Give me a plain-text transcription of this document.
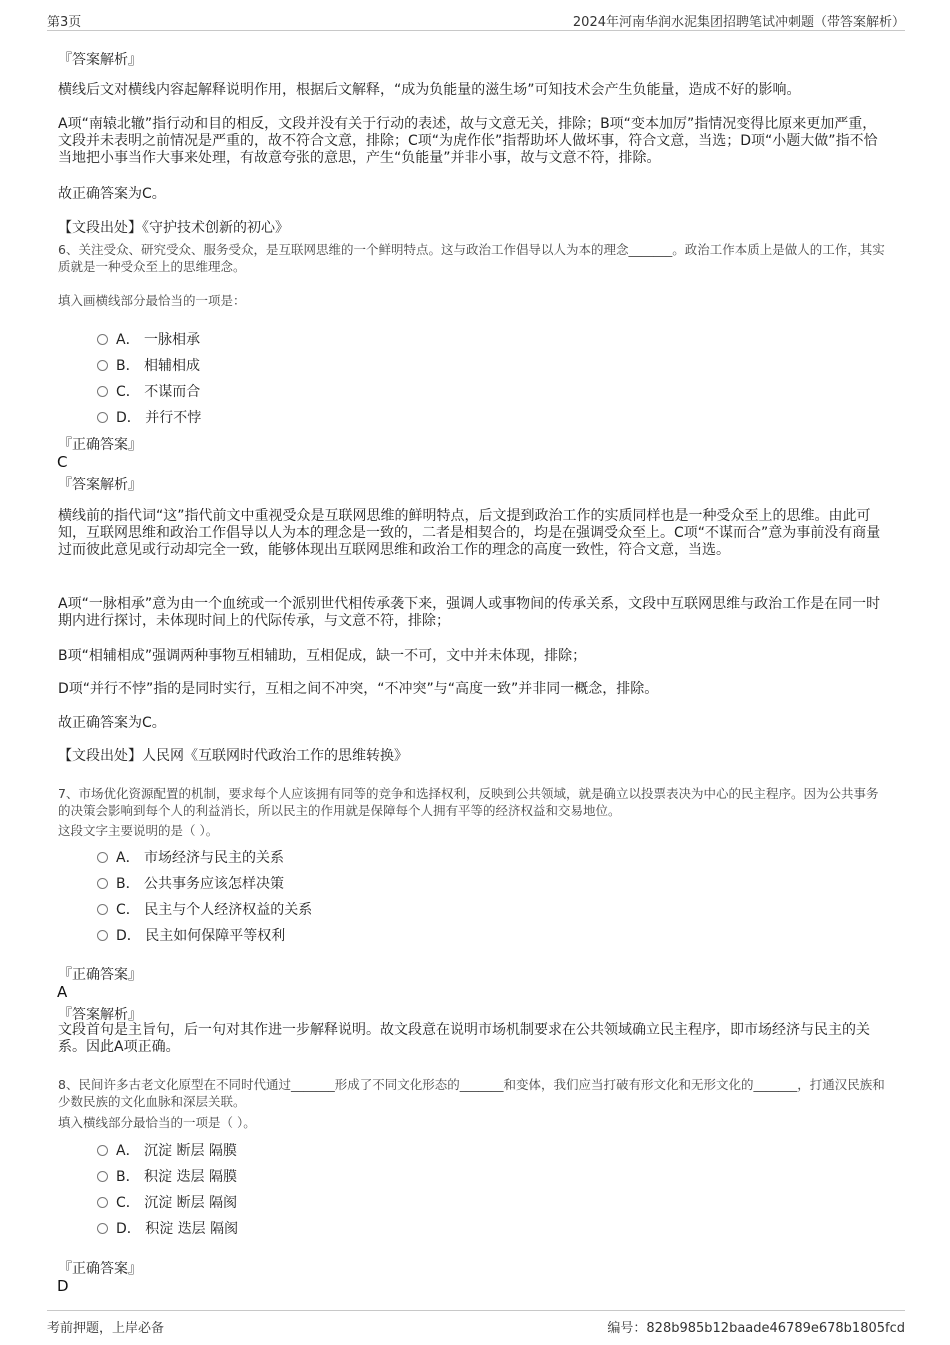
第3页	2024年河南华润水泥集团招聘笔试冲刺题（带答案解析）
『答案解析』
横线后文对横线内容起解释说明作用，根据后文解释，“成为负能量的滋生场”可知技术会产生负能量，造成不好的影响。
A项“南辕北辙”指行动和目的相反，文段并没有关于行动的表述，故与文意无关，排除；B项“变本加厉”指情况变得比原来更加严重，文段并未表明之前情况是严重的，故不符合文意，排除；C项“为虎作伥”指帮助坏人做坏事，符合文意，当选；D项“小题大做”指不恰当地把小事当作大事来处理，有故意夸张的意思，产生“负能量”并非小事，故与文意不符，排除。
故正确答案为C。
【文段出处】《守护技术创新的初心》
6、关注受众、研究受众、服务受众，是互联网思维的一个鲜明特点。这与政治工作倡导以人为本的理念_______。政治工作本质上是做人的工作，其实质就是一种受众至上的思维理念。
填入画横线部分最恰当的一项是：
A． 一脉相承
B． 相辅相成
C． 不谋而合
D． 并行不悖
『正确答案』
C
『答案解析』
横线前的指代词“这”指代前文中重视受众是互联网思维的鲜明特点，后文提到政治工作的实质同样也是一种受众至上的思维。由此可知，互联网思维和政治工作倡导以人为本的理念是一致的，二者是相契合的，均是在强调受众至上。C项“不谋而合”意为事前没有商量过而彼此意见或行动却完全一致，能够体现出互联网思维和政治工作的理念的高度一致性，符合文意，当选。
A项“一脉相承”意为由一个血统或一个派别世代相传承袭下来，强调人或事物间的传承关系，文段中互联网思维与政治工作是在同一时期内进行探讨，未体现时间上的代际传承，与文意不符，排除；
B项“相辅相成”强调两种事物互相辅助，互相促成，缺一不可，文中并未体现，排除；
D项“并行不悖”指的是同时实行，互相之间不冲突，“不冲突”与“高度一致”并非同一概念，排除。
故正确答案为C。
【文段出处】人民网《互联网时代政治工作的思维转换》
7、市场优化资源配置的机制，要求每个人应该拥有同等的竞争和选择权利，反映到公共领域，就是确立以投票表决为中心的民主程序。因为公共事务的决策会影响到每个人的利益消长，所以民主的作用就是保障每个人拥有平等的经济权益和交易地位。
这段文字主要说明的是（ ）。
A． 市场经济与民主的关系
B． 公共事务应该怎样决策
C． 民主与个人经济权益的关系
D． 民主如何保障平等权利
『正确答案』
A
『答案解析』
文段首句是主旨句，后一句对其作进一步解释说明。故文段意在说明市场机制要求在公共领域确立民主程序，即市场经济与民主的关系。因此A项正确。
8、民间许多古老文化原型在不同时代通过_______形成了不同文化形态的_______和变体，我们应当打破有形文化和无形文化的_______，打通汉民族和少数民族的文化血脉和深层关联。
填入横线部分最恰当的一项是（ ）。
A． 沉淀 断层 隔膜
B． 积淀 迭层 隔膜
C． 沉淀 断层 隔阂
D． 积淀 迭层 隔阂
『正确答案』
D
考前押题，上岸必备	编号：828b985b12baade46789e678b1805fcd
